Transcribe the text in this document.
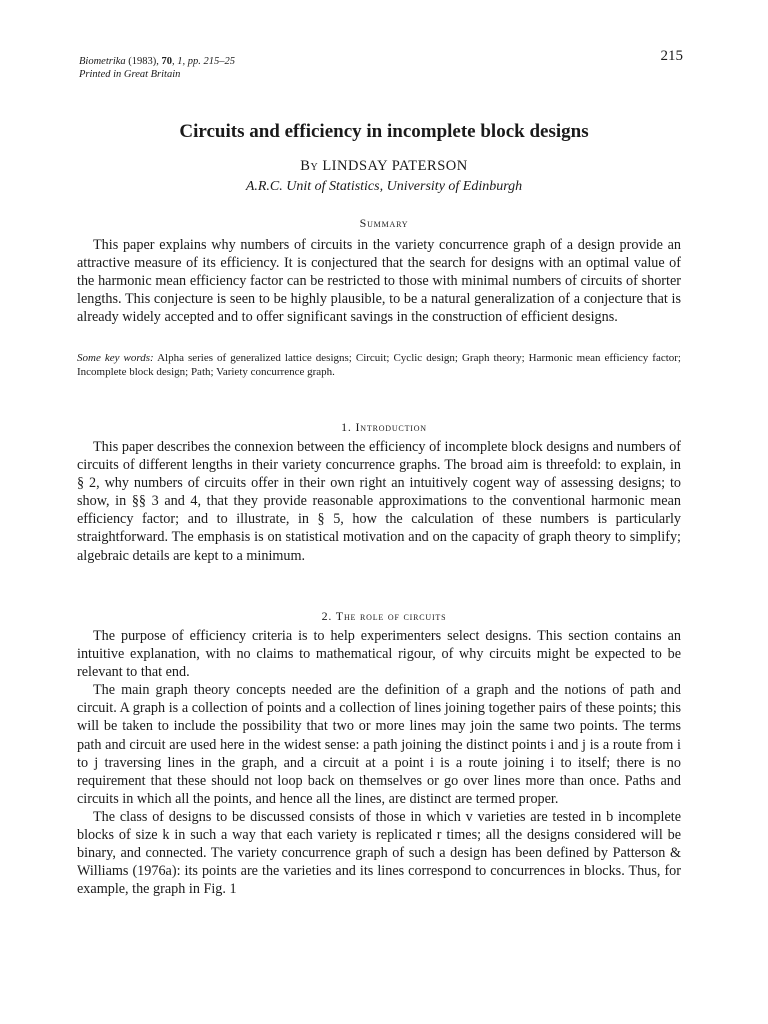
Biometrika (1983), 70, 1, pp. 215–25
Printed in Great Britain
215
Circuits and efficiency in incomplete block designs
By LINDSAY PATERSON
A.R.C. Unit of Statistics, University of Edinburgh
Summary

This paper explains why numbers of circuits in the variety concurrence graph of a design provide an attractive measure of its efficiency. It is conjectured that the search for designs with an optimal value of the harmonic mean efficiency factor can be restricted to those with minimal numbers of circuits of shorter lengths. This conjecture is seen to be highly plausible, to be a natural generalization of a conjecture that is already widely accepted and to offer significant savings in the construction of efficient designs.

Some key words: Alpha series of generalized lattice designs; Circuit; Cyclic design; Graph theory; Harmonic mean efficiency factor; Incomplete block design; Path; Variety concurrence graph.
1. Introduction

This paper describes the connexion between the efficiency of incomplete block designs and numbers of circuits of different lengths in their variety concurrence graphs. The broad aim is threefold: to explain, in § 2, why numbers of circuits offer in their own right an intuitively cogent way of assessing designs; to show, in §§ 3 and 4, that they provide reasonable approximations to the conventional harmonic mean efficiency factor; and to illustrate, in § 5, how the calculation of these numbers is particularly straightforward. The emphasis is on statistical motivation and on the capacity of graph theory to simplify; algebraic details are kept to a minimum.

2. The role of circuits

The purpose of efficiency criteria is to help experimenters select designs. This section contains an intuitive explanation, with no claims to mathematical rigour, of why circuits might be expected to be relevant to that end.

The main graph theory concepts needed are the definition of a graph and the notions of path and circuit. A graph is a collection of points and a collection of lines joining together pairs of these points; this will be taken to include the possibility that two or more lines may join the same two points. The terms path and circuit are used here in the widest sense: a path joining the distinct points i and j is a route from i to j traversing lines in the graph, and a circuit at a point i is a route joining i to itself; there is no requirement that these should not loop back on themselves or go over lines more than once. Paths and circuits in which all the points, and hence all the lines, are distinct are termed proper.

The class of designs to be discussed consists of those in which v varieties are tested in b incomplete blocks of size k in such a way that each variety is replicated r times; all the designs considered will be binary, and connected. The variety concurrence graph of such a design has been defined by Patterson & Williams (1976a): its points are the varieties and its lines correspond to concurrences in blocks. Thus, for example, the graph in Fig. 1
